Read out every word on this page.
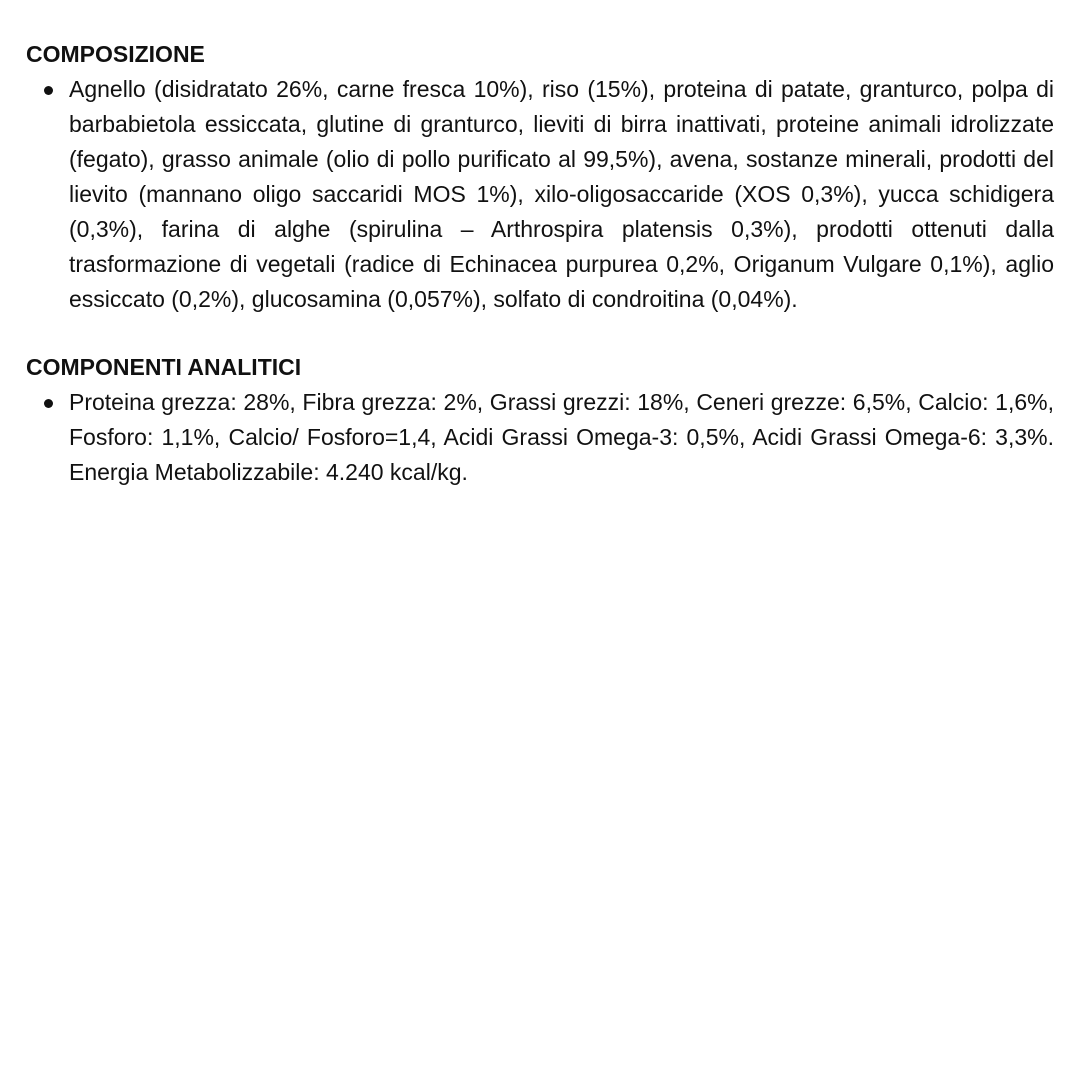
COMPOSIZIONE
Agnello (disidratato 26%, carne fresca 10%), riso (15%), proteina di patate, granturco, polpa di barbabietola essiccata, glutine di granturco, lieviti di birra inattivati, proteine animali idrolizzate (fegato), grasso animale (olio di pollo purificato al 99,5%), avena, sostanze minerali, prodotti del lievito (mannano oligo saccaridi MOS 1%), xilo-oligosaccaride (XOS 0,3%), yucca schidigera (0,3%), farina di alghe (spirulina – Arthrospira platensis 0,3%), prodotti ottenuti dalla trasformazione di vegetali (radice di Echinacea purpurea 0,2%, Origanum Vulgare 0,1%), aglio essiccato (0,2%), glucosamina (0,057%), solfato di condroitina (0,04%).
COMPONENTI ANALITICI
Proteina grezza: 28%, Fibra grezza: 2%, Grassi grezzi: 18%, Ceneri grezze: 6,5%, Calcio: 1,6%, Fosforo: 1,1%, Calcio/ Fosforo=1,4, Acidi Grassi Omega-3: 0,5%, Acidi Grassi Omega-6: 3,3%. Energia Metabolizzabile: 4.240 kcal/kg.
